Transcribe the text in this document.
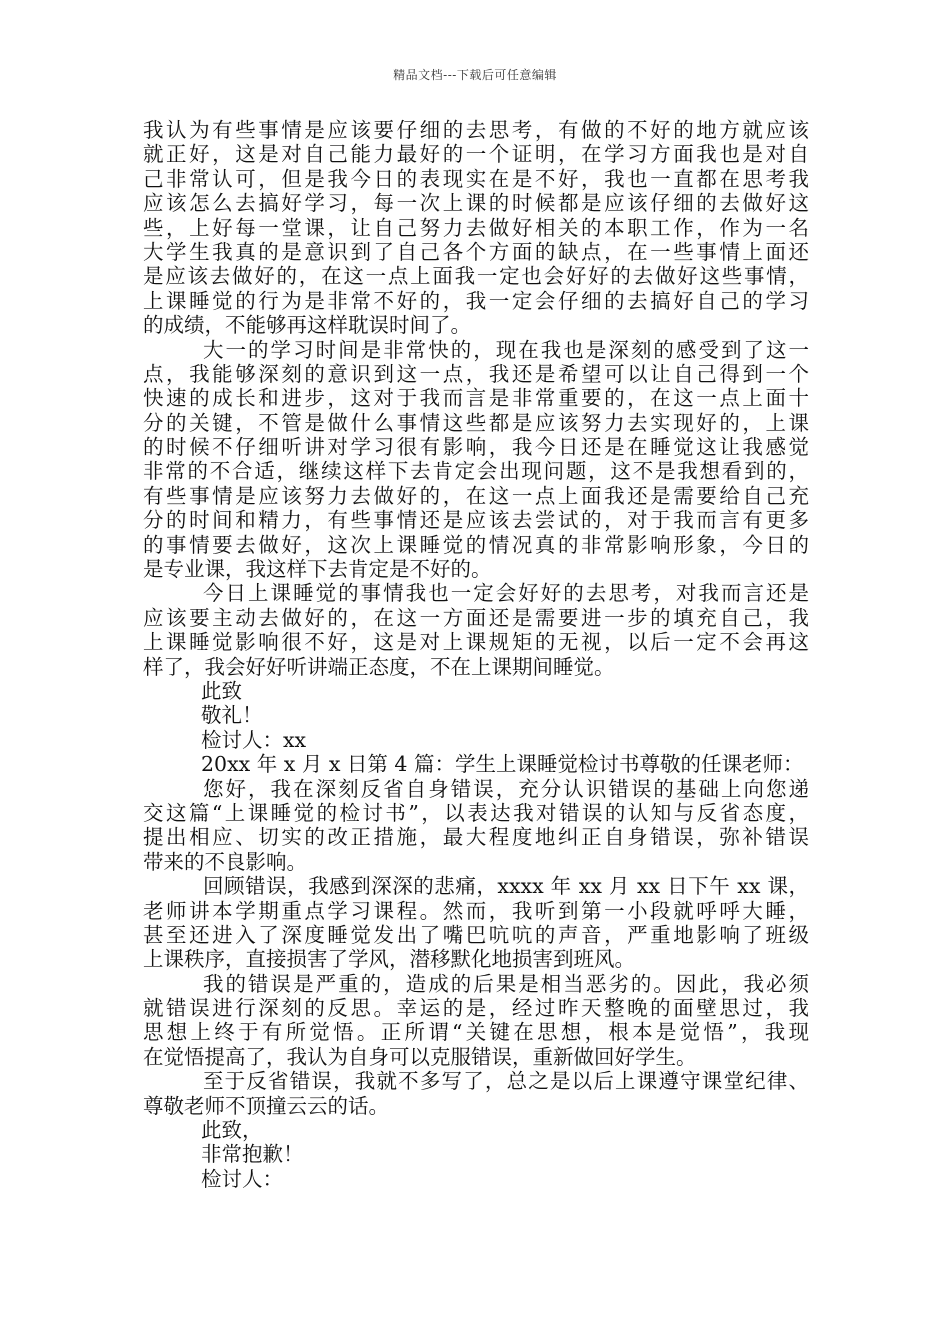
精品文档---下载后可任意编辑
我认为有些事情是应该要仔细的去思考，有做的不好的地方就应该
就正好，这是对自己能力最好的一个证明，在学习方面我也是对自
己非常认可，但是我今日的表现实在是不好，我也一直都在思考我
应该怎么去搞好学习，每一次上课的时候都是应该仔细的去做好这
些，上好每一堂课，让自己努力去做好相关的本职工作，作为一名
大学生我真的是意识到了自己各个方面的缺点，在一些事情上面还
是应该去做好的，在这一点上面我一定也会好好的去做好这些事情，
上课睡觉的行为是非常不好的，我一定会仔细的去搞好自己的学习
的成绩，不能够再这样耽误时间了。
大一的学习时间是非常快的，现在我也是深刻的感受到了这一
点，我能够深刻的意识到这一点，我还是希望可以让自己得到一个
快速的成长和进步，这对于我而言是非常重要的，在这一点上面十
分的关键，不管是做什么事情这些都是应该努力去实现好的，上课
的时候不仔细听讲对学习很有影响，我今日还是在睡觉这让我感觉
非常的不合适，继续这样下去肯定会出现问题，这不是我想看到的，
有些事情是应该努力去做好的，在这一点上面我还是需要给自己充
分的时间和精力，有些事情还是应该去尝试的，对于我而言有更多
的事情要去做好，这次上课睡觉的情况真的非常影响形象，今日的
是专业课，我这样下去肯定是不好的。
今日上课睡觉的事情我也一定会好好的去思考，对我而言还是
应该要主动去做好的，在这一方面还是需要进一步的填充自己，我
上课睡觉影响很不好，这是对上课规矩的无视，以后一定不会再这
样了，我会好好听讲端正态度，不在上课期间睡觉。
此致
敬礼！
检讨人：xx
20xx 年 x 月 x 日第 4 篇：学生上课睡觉检讨书尊敬的任课老师：
您好，我在深刻反省自身错误，充分认识错误的基础上向您递
交这篇“上课睡觉的检讨书”，以表达我对错误的认知与反省态度，
提出相应、切实的改正措施，最大程度地纠正自身错误，弥补错误
带来的不良影响。
回顾错误，我感到深深的悲痛，xxxx 年 xx 月 xx 日下午 xx 课，
老师讲本学期重点学习课程。然而，我听到第一小段就呼呼大睡，
甚至还进入了深度睡觉发出了嘴巴吭吭的声音，严重地影响了班级
上课秩序，直接损害了学风，潜移默化地损害到班风。
我的错误是严重的，造成的后果是相当恶劣的。因此，我必须
就错误进行深刻的反思。幸运的是，经过昨天整晚的面壁思过，我
思想上终于有所觉悟。正所谓“关键在思想，根本是觉悟”，我现
在觉悟提高了，我认为自身可以克服错误，重新做回好学生。
至于反省错误，我就不多写了，总之是以后上课遵守课堂纪律、
尊敬老师不顶撞云云的话。
此致，
非常抱歉！
检讨人：
